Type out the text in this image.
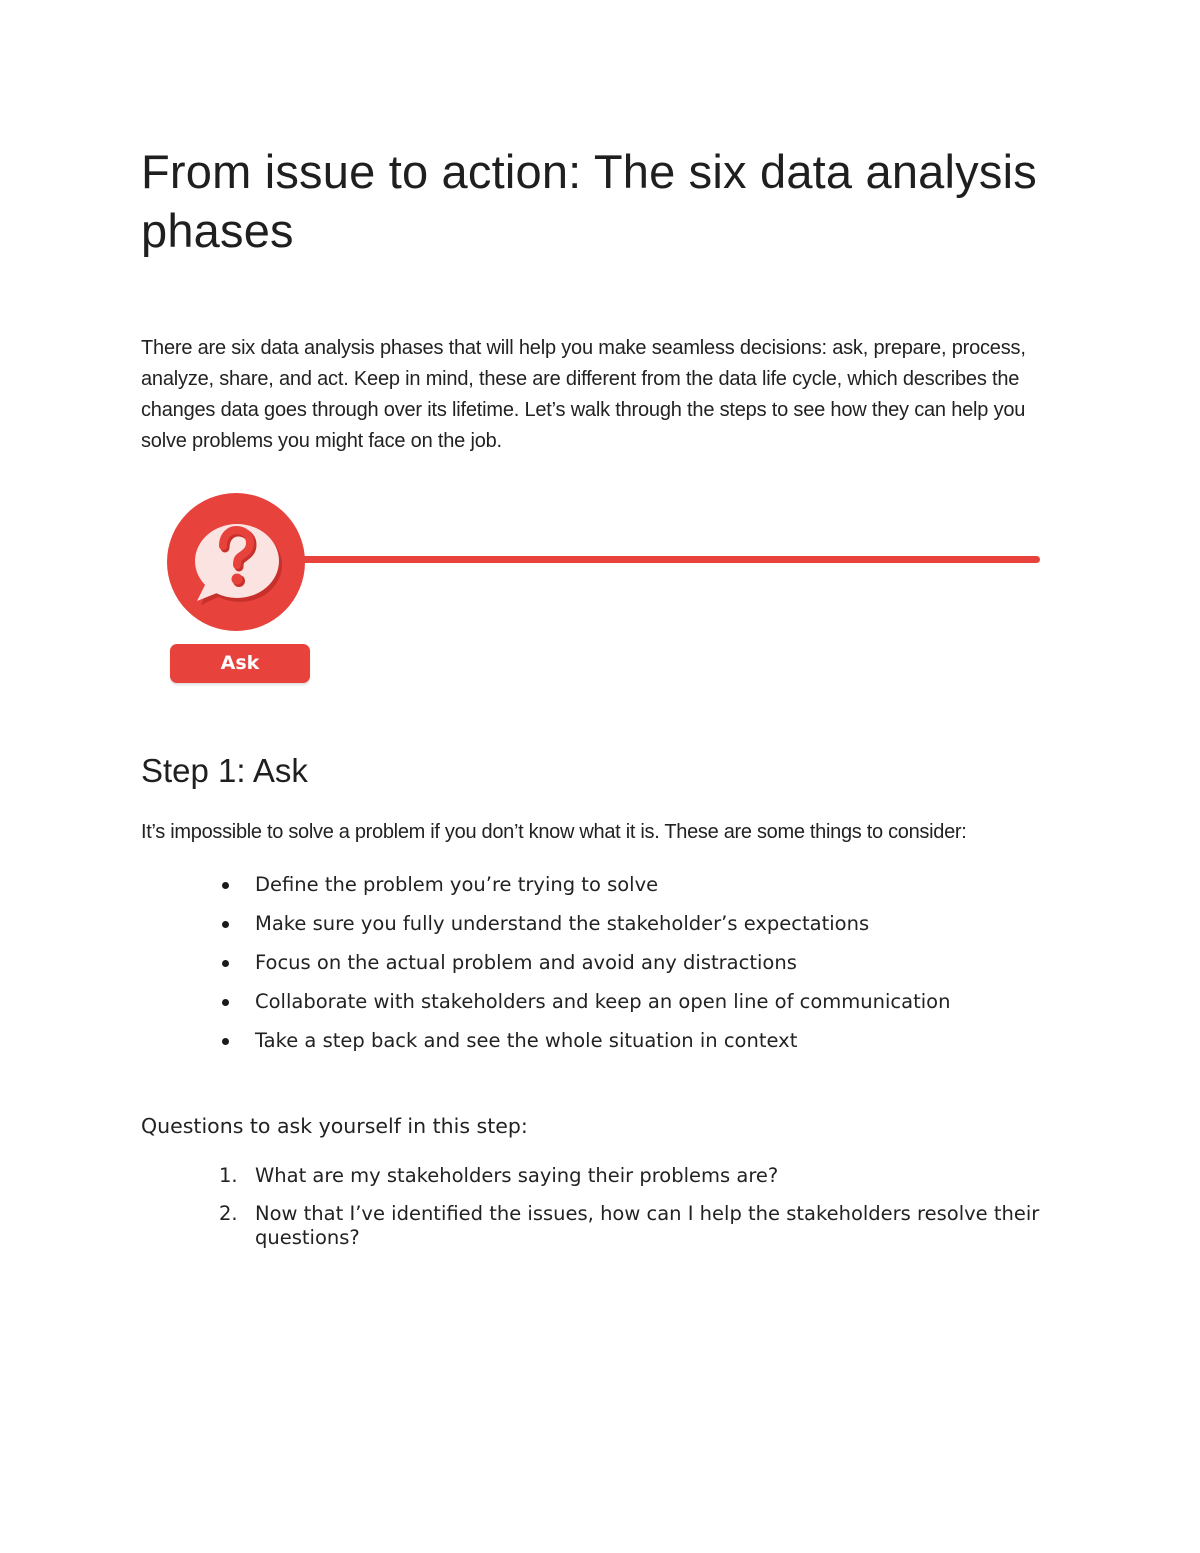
From issue to action: The six data analysis phases

There are six data analysis phases that will help you make seamless decisions: ask, prepare, process, analyze, share, and act. Keep in mind, these are different from the data life cycle, which describes the changes data goes through over its lifetime. Let’s walk through the steps to see how they can help you solve problems you might face on the job.

Ask
Step 1: Ask

It’s impossible to solve a problem if you don’t know what it is. These are some things to consider:

Define the problem you’re trying to solve
Make sure you fully understand the stakeholder’s expectations
Focus on the actual problem and avoid any distractions
Collaborate with stakeholders and keep an open line of communication
Take a step back and see the whole situation in context

Questions to ask yourself in this step:

1. What are my stakeholders saying their problems are?
2. Now that I’ve identified the issues, how can I help the stakeholders resolve their questions?
